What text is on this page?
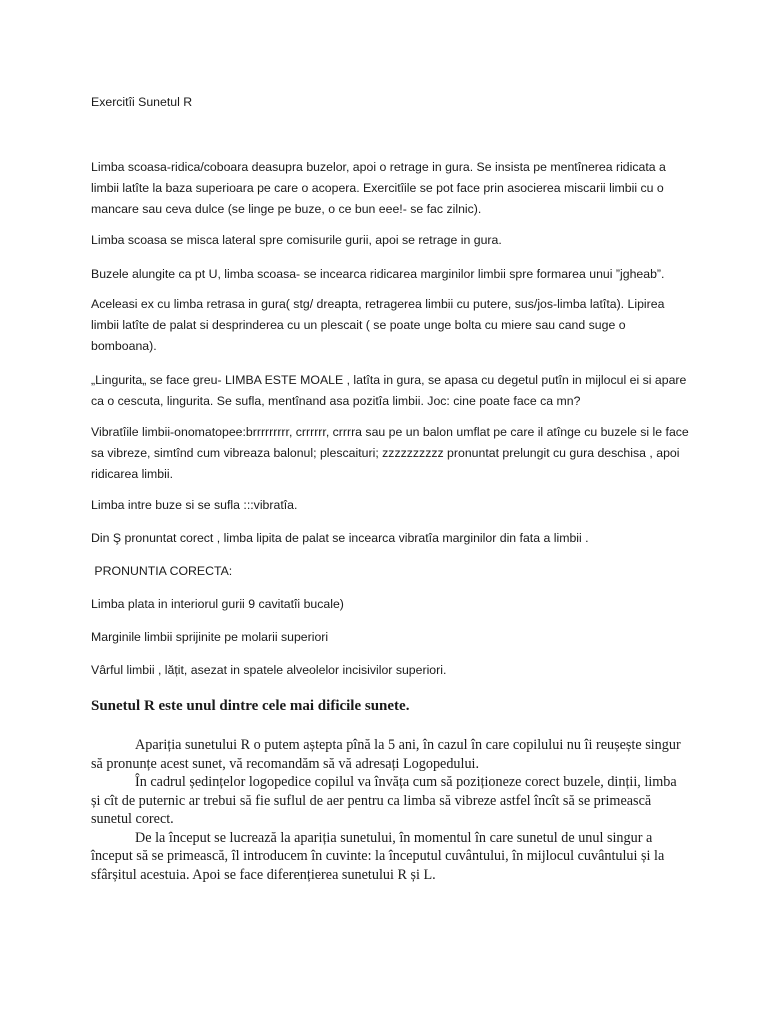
Exercitîi Sunetul R

Limba scoasa-ridica/coboara deasupra buzelor, apoi o retrage in gura. Se insista pe mentînerea ridicata a limbii latîte la baza superioara pe care o acopera. Exercitîile se pot face prin asocierea miscarii limbii cu o mancare sau ceva dulce (se linge pe buze, o ce bun eee!- se fac zilnic).

Limba scoasa se misca lateral spre comisurile gurii, apoi se retrage in gura.

Buzele alungite ca pt U, limba scoasa- se incearca ridicarea marginilor limbii spre formarea unui ”jgheab”.

Aceleasi ex cu limba retrasa in gura( stg/ dreapta, retragerea limbii cu putere, sus/jos-limba latîta). Lipirea limbii latîte de palat si desprinderea cu un plescait ( se poate unge bolta cu miere sau cand suge o bomboana).

„Lingurita„ se face greu- LIMBA ESTE MOALE , latîta in gura, se apasa cu degetul putîn in mijlocul ei si apare ca o cescuta, lingurita. Se sufla, mentînand asa pozitîa limbii. Joc: cine poate face ca mn?

Vibratîile limbii-onomatopee:brrrrrrrrr, crrrrrr, crrrra sau pe un balon umflat pe care il atînge cu buzele si le face sa vibreze, simtînd cum vibreaza balonul; plescaituri; zzzzzzzzzz pronuntat prelungit cu gura deschisa , apoi ridicarea limbii.

Limba intre buze si se sufla :::vibratîa.

Din Ş pronuntat corect , limba lipita de palat se incearca vibratîa marginilor din fata a limbii .

PRONUNTIA CORECTA:

Limba plata in interiorul gurii 9 cavitatîi bucale)

Marginile limbii sprijinite pe molarii superiori

Vârful limbii , lățit, asezat in spatele alveolelor incisivilor superiori.

Sunetul R este unul dintre cele mai dificile sunete.

Apariția sunetului R o putem aștepta pînă la 5 ani, în cazul în care copilului nu îi reușește singur să pronunțe acest sunet, vă recomandăm să vă adresați Logopedului.

În cadrul ședințelor logopedice copilul va învăța cum să poziționeze corect buzele, dinții, limba și cît de puternic ar trebui să fie suflul de aer pentru ca limba să vibreze astfel încît să se primească sunetul corect.

De la început se lucrează la apariția sunetului, în momentul în care sunetul de unul singur a început să se primească, îl introducem în cuvinte: la începutul cuvântului, în mijlocul cuvântului și la sfârșitul acestuia. Apoi se face diferențierea sunetului R și L.
